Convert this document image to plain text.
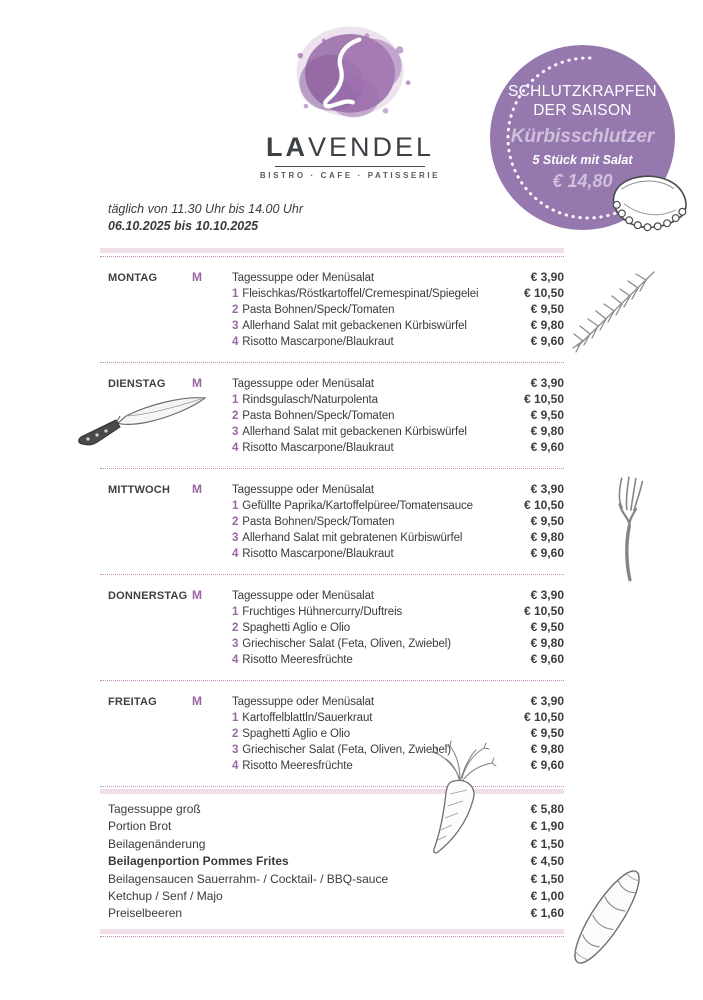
LAVENDEL
BISTRO · CAFE · PATISSERIE
SCHLUTZKRAPFEN
DER SAISON
Kürbisschlutzer
5 Stück mit Salat
€ 14,80
täglich von 11.30 Uhr bis 14.00 Uhr
06.10.2025 bis 10.10.2025
MONTAG	M	Tagessuppe oder Menüsalat	€ 3,90
1 Fleischkas/Röstkartoffel/Cremespinat/Spiegelei	€ 10,50
2 Pasta Bohnen/Speck/Tomaten	€ 9,50
3 Allerhand Salat mit gebackenen Kürbiswürfel	€ 9,80
4 Risotto Mascarpone/Blaukraut	€ 9,60
DIENSTAG	M	Tagessuppe oder Menüsalat	€ 3,90
1 Rindsgulasch/Naturpolenta	€ 10,50
2 Pasta Bohnen/Speck/Tomaten	€ 9,50
3 Allerhand Salat mit gebackenen Kürbiswürfel	€ 9,80
4 Risotto Mascarpone/Blaukraut	€ 9,60
MITTWOCH	M	Tagessuppe oder Menüsalat	€ 3,90
1 Gefüllte Paprika/Kartoffelpüree/Tomatensauce	€ 10,50
2 Pasta Bohnen/Speck/Tomaten	€ 9,50
3 Allerhand Salat mit gebratenen Kürbiswürfel	€ 9,80
4 Risotto Mascarpone/Blaukraut	€ 9,60
DONNERSTAG M	Tagessuppe oder Menüsalat	€ 3,90
1 Fruchtiges Hühnercurry/Duftreis	€ 10,50
2 Spaghetti Aglio e Olio	€ 9,50
3 Griechischer Salat (Feta, Oliven, Zwiebel)	€ 9,80
4 Risotto Meeresfrüchte	€ 9,60
FREITAG	M	Tagessuppe oder Menüsalat	€ 3,90
1 Kartoffelblattln/Sauerkraut	€ 10,50
2 Spaghetti Aglio e Olio	€ 9,50
3 Griechischer Salat (Feta, Oliven, Zwiebel)	€ 9,80
4 Risotto Meeresfrüchte	€ 9,60
Tagessuppe groß	€ 5,80
Portion Brot	€ 1,90
Beilagenänderung	€ 1,50
Beilagenportion Pommes Frites	€ 4,50
Beilagensaucen Sauerrahm- / Cocktail- / BBQ-sauce	€ 1,50
Ketchup / Senf / Majo	€ 1,00
Preiselbeeren	€ 1,60
